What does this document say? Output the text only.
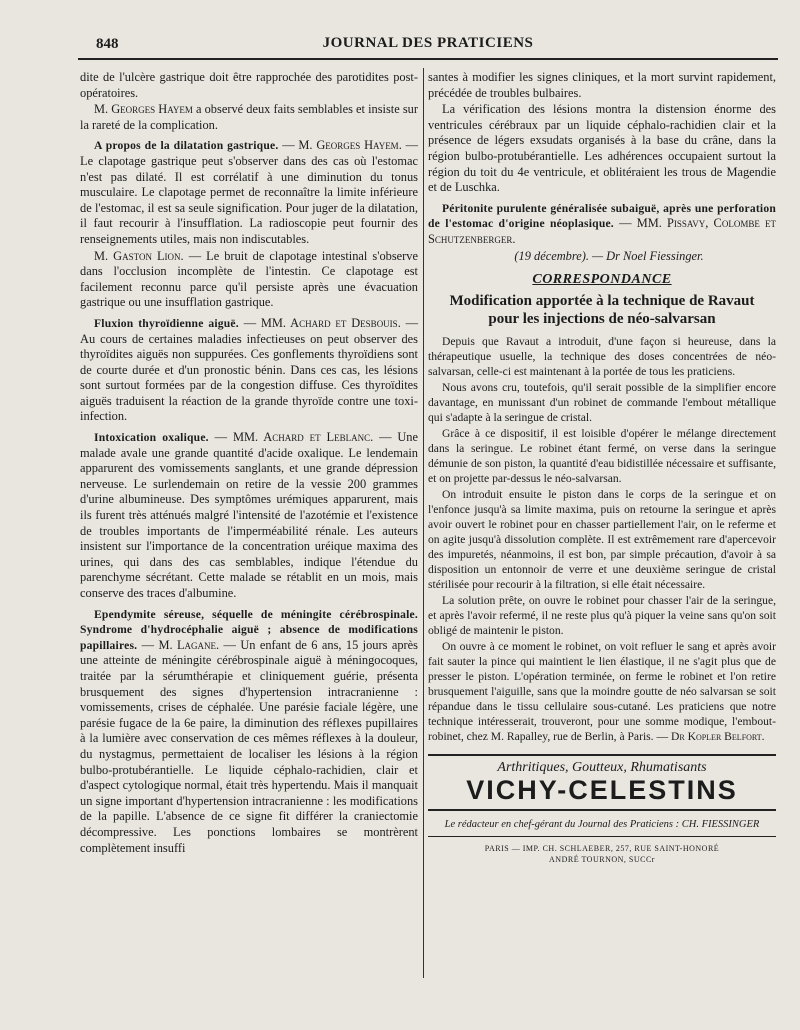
848	JOURNAL DES PRATICIENS

dite de l'ulcère gastrique doit être rapprochée des parotidites post-opératoires.

M. Georges Hayem a observé deux faits semblables et insiste sur la rareté de la complication.

A propos de la dilatation gastrique. — M. Georges Hayem. — Le clapotage gastrique peut s'observer dans des cas où l'estomac n'est pas dilaté. Il est corrélatif à une diminution du tonus musculaire. Le clapotage permet de reconnaître la limite inférieure de l'estomac, il est sa seule signification. Pour juger de la dilatation, il faut recourir à l'insufflation. La radioscopie peut fournir des renseignements utiles, mais non indiscutables.

M. Gaston Lion. — Le bruit de clapotage intestinal s'observe dans l'occlusion incomplète de l'intestin. Ce clapotage est facilement reconnu parce qu'il persiste après une évacuation gastrique ou une insufflation gastrique.

Fluxion thyroïdienne aiguë. — MM. Achard et Desbouis. — Au cours de certaines maladies infectieuses on peut observer des thyroïdites aiguës non suppurées. Ces gonflements thyroïdiens sont de courte durée et d'un pronostic bénin. Dans ces cas, les lésions sont surtout formées par de la congestion diffuse. Ces thyroïdites aiguës traduisent la réaction de la grande thyroïde contre une toxi-infection.

Intoxication oxalique. — MM. Achard et Leblanc. — Une malade avale une grande quantité d'acide oxalique. Le lendemain apparurent des vomissements sanglants, et une grande dépression nerveuse. Le surlendemain on retire de la vessie 200 grammes d'urine albumineuse. Des symptômes urémiques apparurent, mais ils furent très atténués malgré l'intensité de l'azotémie et l'existence de troubles importants de l'imperméabilité rénale. Les auteurs insistent sur l'importance de la concentration uréique maxima des urines, qui dans des cas semblables, indique l'étendue du parenchyme sécrétant. Cette malade se rétablit en un mois, mais conserve des traces d'albumine.

Ependymite séreuse, séquelle de méningite cérébrospinale. Syndrome d'hydrocéphalie aiguë ; absence de modifications papillaires. — M. Lagane. — Un enfant de 6 ans, 15 jours après une atteinte de méningite cérébrospinale aiguë à méningocoques, traitée par la sérumthérapie et cliniquement guérie, présenta brusquement des signes d'hypertension intracranienne : vomissements, crises de céphalée. Une parésie faciale légère, une parésie fugace de la 6e paire, la diminution des réflexes pupillaires à la lumière avec conservation de ces mêmes réflexes à la douleur, du nystagmus, permettaient de localiser les lésions à la région bulbo-protubérantielle. Le liquide céphalo-rachidien, clair et d'aspect cytologique normal, était très hypertendu. Mais il manquait un signe important d'hypertension intracranienne : les modifications de la papille. L'absence de ce signe fit différer la craniectomie décompressive. Les ponctions lombaires se montrèrent complètement insuffi

santes à modifier les signes cliniques, et la mort survint rapidement, précédée de troubles bulbaires.

La vérification des lésions montra la distension énorme des ventricules cérébraux par un liquide céphalo-rachidien clair et la présence de légers exsudats organisés à la base du crâne, dans la région bulbo-protubérantielle. Les adhérences occupaient surtout la région du toit du 4e ventricule, et oblitéraient les trous de Magendie et de Luschka.

Péritonite purulente généralisée subaiguë, après une perforation de l'estomac d'origine néoplasique. — MM. Pissavy, Colombe et Schutzenberger.

(19 décembre). — Dr Noel Fiessinger.

CORRESPONDANCE
Modification apportée à la technique de Ravaut
pour les injections de néo-salvarsan

Depuis que Ravaut a introduit, d'une façon si heureuse, dans la thérapeutique usuelle, la technique des doses concentrées de néo-salvarsan, celle-ci est maintenant à la portée de tous les praticiens.

Nous avons cru, toutefois, qu'il serait possible de la simplifier encore davantage, en munissant d'un robinet de commande l'embout métallique qui s'adapte à la seringue de cristal.

Grâce à ce dispositif, il est loisible d'opérer le mélange directement dans la seringue. Le robinet étant fermé, on verse dans la seringue démunie de son piston, la quantité d'eau bidistillée nécessaire et suffisante, et on projette par-dessus le néo-salvarsan.

On introduit ensuite le piston dans le corps de la seringue et on l'enfonce jusqu'à sa limite maxima, puis on retourne la seringue et après avoir ouvert le robinet pour en chasser partiellement l'air, on le referme et on agite jusqu'à dissolution complète. Il est extrêmement rare d'apercevoir des impuretés, néanmoins, il est bon, par simple précaution, d'avoir à sa disposition un entonnoir de verre et une deuxième seringue de cristal stérilisée pour recourir à la filtration, si elle était nécessaire.

La solution prête, on ouvre le robinet pour chasser l'air de la seringue, et après l'avoir refermé, il ne reste plus qu'à piquer la veine sans qu'on soit obligé de maintenir le piston.

On ouvre à ce moment le robinet, on voit refluer le sang et après avoir fait sauter la pince qui maintient le lien élastique, il ne s'agit plus que de presser le piston. L'opération terminée, on ferme le robinet et l'on retire brusquement l'aiguille, sans que la moindre goutte de néo salvarsan se soit répandue dans le tissu cellulaire sous-cutané. Les praticiens que notre technique intéresserait, trouveront, pour une somme modique, l'embout-robinet, chez M. Rapalley, rue de Berlin, à Paris. — Dr Kopler Belfort.

Arthritiques, Goutteux, Rhumatisants
VICHY-CELESTINS
Le rédacteur en chef-gérant du Journal des Praticiens : CH. FIESSINGER
PARIS — IMP. CH. SCHLAEBER, 257, RUE SAINT-HONORÉ
ANDRÉ TOURNON, SUCCr
